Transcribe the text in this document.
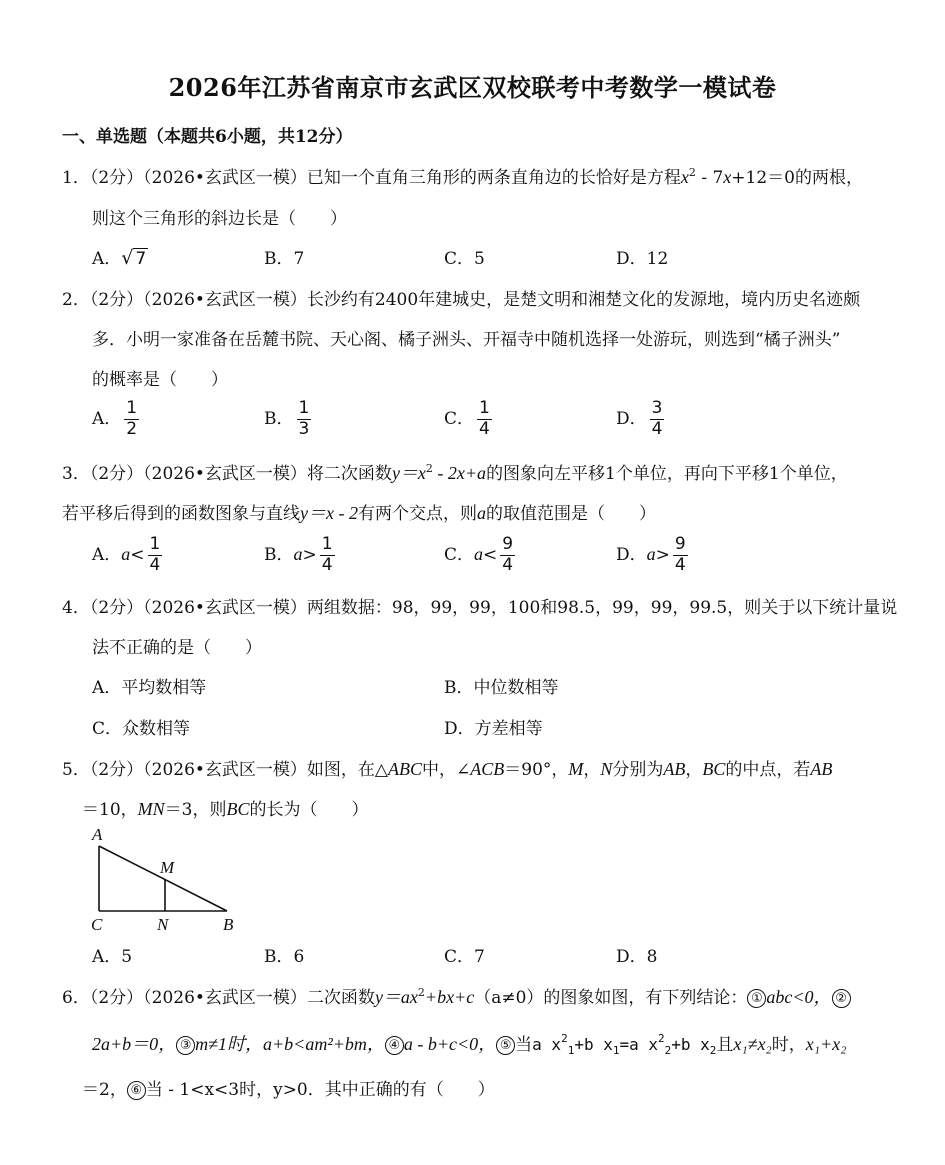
2026年江苏省南京市玄武区双校联考中考数学一模试卷
一、单选题（本题共6小题，共12分）
1．（2分）（2026•玄武区一模）已知一个直角三角形的两条直角边的长恰好是方程$x^2 - 7x+12=0$的两根，
则这个三角形的斜边长是（　　）
A．√ 7	B．7	C．5	D．12
2．（2分）（2026•玄武区一模）长沙约有2400年建城史，是楚文明和湘楚文化的发源地，境内历史名迹颇
多．小明一家准备在岳麓书院、天心阁、橘子洲头、开福寺中随机选择一处游玩，则选到“橘子洲头”
的概率是（　　）
A． $\frac{1}{2}$	B． $\frac{1}{3}$	C． $\frac{1}{4}$	D． $\frac{3}{4}$
3．（2分）（2026•玄武区一模）将二次函数$y=x^2 - 2x+a$的图象向左平移1个单位，再向下平移1个单位，
若平移后得到的函数图象与直线y＝x - 2有两个交点，则a的取值范围是（　　）
A．$a< \frac{1}{4}$	B．$a> \frac{1}{4}$	C．$a< \frac{9}{4}$	D．$a> \frac{9}{4}$
4．（2分）（2026•玄武区一模）两组数据：98，99，99，100和98.5，99，99，99.5，则关于以下统计量说
法不正确的是（　　）
A．平均数相等	B．中位数相等
C．众数相等	D．方差相等
5．（2分）（2026•玄武区一模）如图，在△ABC中，∠ACB＝90°，M，N分别为AB，BC的中点，若AB
＝10，MN＝3，则BC的长为（　　）
A
M
C	N	B
A．5	B．6	C．7	D．8
6．（2分）（2026•玄武区一模）二次函数$y=ax^2+bx+c(a\ne 0)$的图象如图，有下列结论： ① abc<0， ②
2a+b＝0， ③ m≠1时，a+b<am²+bm， ④ a - b+c<0， ⑤ 当a $x^2_1+b$ $x_1=a$ $x^2_2+b$ $x_2$且x₁≠x₂时，x₁+x₂
＝2， ⑥ 当 - 1<x<3时，y>0．其中正确的有（　　）
